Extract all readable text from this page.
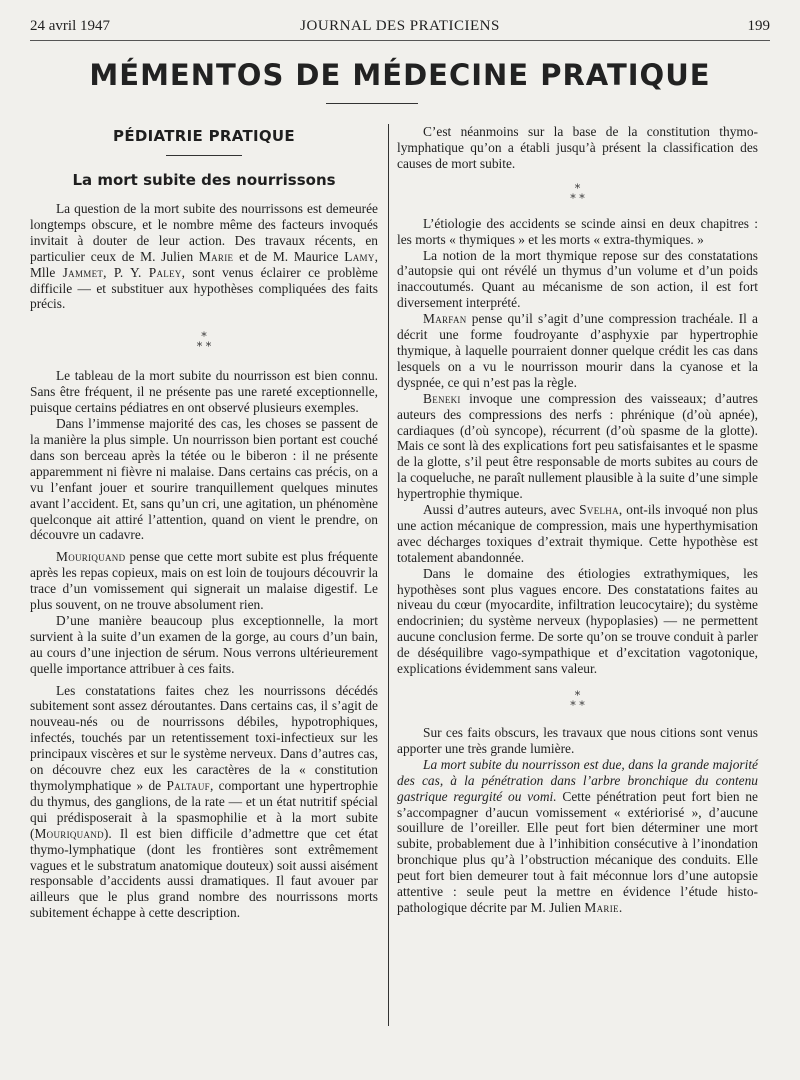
24 avril 1947	JOURNAL DES PRATICIENS	199
MÉMENTOS DE MÉDECINE PRATIQUE
PÉDIATRIE PRATIQUE
La mort subite des nourrissons

La question de la mort subite des nourrissons est demeurée longtemps obscure, et le nombre même des facteurs invoqués invitait à douter de leur action. Des travaux récents, en particulier ceux de M. Julien Marie et de M. Maurice Lamy, Mlle Jammet, P. Y. Paley, sont venus éclairer ce problème difficile — et substituer aux hypothèses compliquées des faits précis.

*
* *

Le tableau de la mort subite du nourrisson est bien connu. Sans être fréquent, il ne présente pas une rareté exceptionnelle, puisque certains pédiatres en ont observé plusieurs exemples.

Dans l’immense majorité des cas, les choses se passent de la manière la plus simple. Un nourrisson bien portant est couché dans son berceau après la tétée ou le biberon : il ne présente apparemment ni fièvre ni malaise. Dans certains cas précis, on a vu l’enfant jouer et sourire tranquillement quelques minutes avant l’accident. Et, sans qu’un cri, une agitation, un phénomène quelconque ait attiré l’attention, quand on vient le prendre, on découvre un cadavre.

Mouriquand pense que cette mort subite est plus fréquente après les repas copieux, mais on est loin de toujours découvrir la trace d’un vomissement qui signerait un malaise digestif. Le plus souvent, on ne trouve absolument rien.

D’une manière beaucoup plus exceptionnelle, la mort survient à la suite d’un examen de la gorge, au cours d’un bain, au cours d’une injection de sérum. Nous verrons ultérieurement quelle importance attribuer à ces faits.

Les constatations faites chez les nourrissons décédés subitement sont assez déroutantes. Dans certains cas, il s’agit de nouveau-nés ou de nourrissons débiles, hypotrophiques, infectés, touchés par un retentissement toxi-infectieux sur les principaux viscères et sur le système nerveux. Dans d’autres cas, on découvre chez eux les caractères de la « constitution thymolymphatique » de Paltauf, comportant une hypertrophie du thymus, des ganglions, de la rate — et un état nutritif spécial qui prédisposerait à la spasmophilie et à la mort subite (Mouriquand). Il est bien difficile d’admettre que cet état thymo-lymphatique (dont les frontières sont extrêmement vagues et le substratum anatomique douteux) soit aussi aisément responsable d’accidents aussi dramatiques. Il faut avouer par ailleurs que le plus grand nombre des nourrissons morts subitement échappe à cette description.

C’est néanmoins sur la base de la constitution thymo-lymphatique qu’on a établi jusqu’à présent la classification des causes de mort subite.

*
* *

L’étiologie des accidents se scinde ainsi en deux chapitres : les morts « thymiques » et les morts « extra-thymiques. »

La notion de la mort thymique repose sur des constatations d’autopsie qui ont révélé un thymus d’un volume et d’un poids inaccoutumés. Quant au mécanisme de son action, il est fort diversement interprété.

Marfan pense qu’il s’agit d’une compression trachéale. Il a décrit une forme foudroyante d’asphyxie par hypertrophie thymique, à laquelle pourraient donner quelque crédit les cas dans lesquels on a vu le nourrisson mourir dans la cyanose et la dyspnée, ce qui n’est pas la règle.

Beneki invoque une compression des vaisseaux; d’autres auteurs des compressions des nerfs : phrénique (d’où apnée), cardiaques (d’où syncope), récurrent (d’où spasme de la glotte). Mais ce sont là des explications fort peu satisfaisantes et le spasme de la glotte, s’il peut être responsable de morts subites au cours de la coqueluche, ne paraît nullement plausible à la suite d’une simple hypertrophie thymique.

Aussi d’autres auteurs, avec Svelha, ont-ils invoqué non plus une action mécanique de compression, mais une hyperthymisation avec décharges toxiques d’extrait thymique. Cette hypothèse est totalement abandonnée.

Dans le domaine des étiologies extrathymiques, les hypothèses sont plus vagues encore. Des constatations faites au niveau du cœur (myocardite, infiltration leucocytaire); du système endocrinien; du système nerveux (hypoplasies) — ne permettent aucune conclusion ferme. De sorte qu’on se trouve conduit à parler de déséquilibre vago-sympathique et d’excitation vagotonique, explications évidemment sans valeur.

*
* *

Sur ces faits obscurs, les travaux que nous citions sont venus apporter une très grande lumière.

La mort subite du nourrisson est due, dans la grande majorité des cas, à la pénétration dans l’arbre bronchique du contenu gastrique regurgité ou vomi. Cette pénétration peut fort bien ne s’accompagner d’aucun vomissement « extériorisé », d’aucune souillure de l’oreiller. Elle peut fort bien déterminer une mort subite, probablement due à l’inhibition consécutive à l’inondation bronchique plus qu’à l’obstruction mécanique des conduits. Elle peut fort bien demeurer tout à fait méconnue lors d’une autopsie attentive : seule peut la mettre en évidence l’étude histo-pathologique décrite par M. Julien Marie.
